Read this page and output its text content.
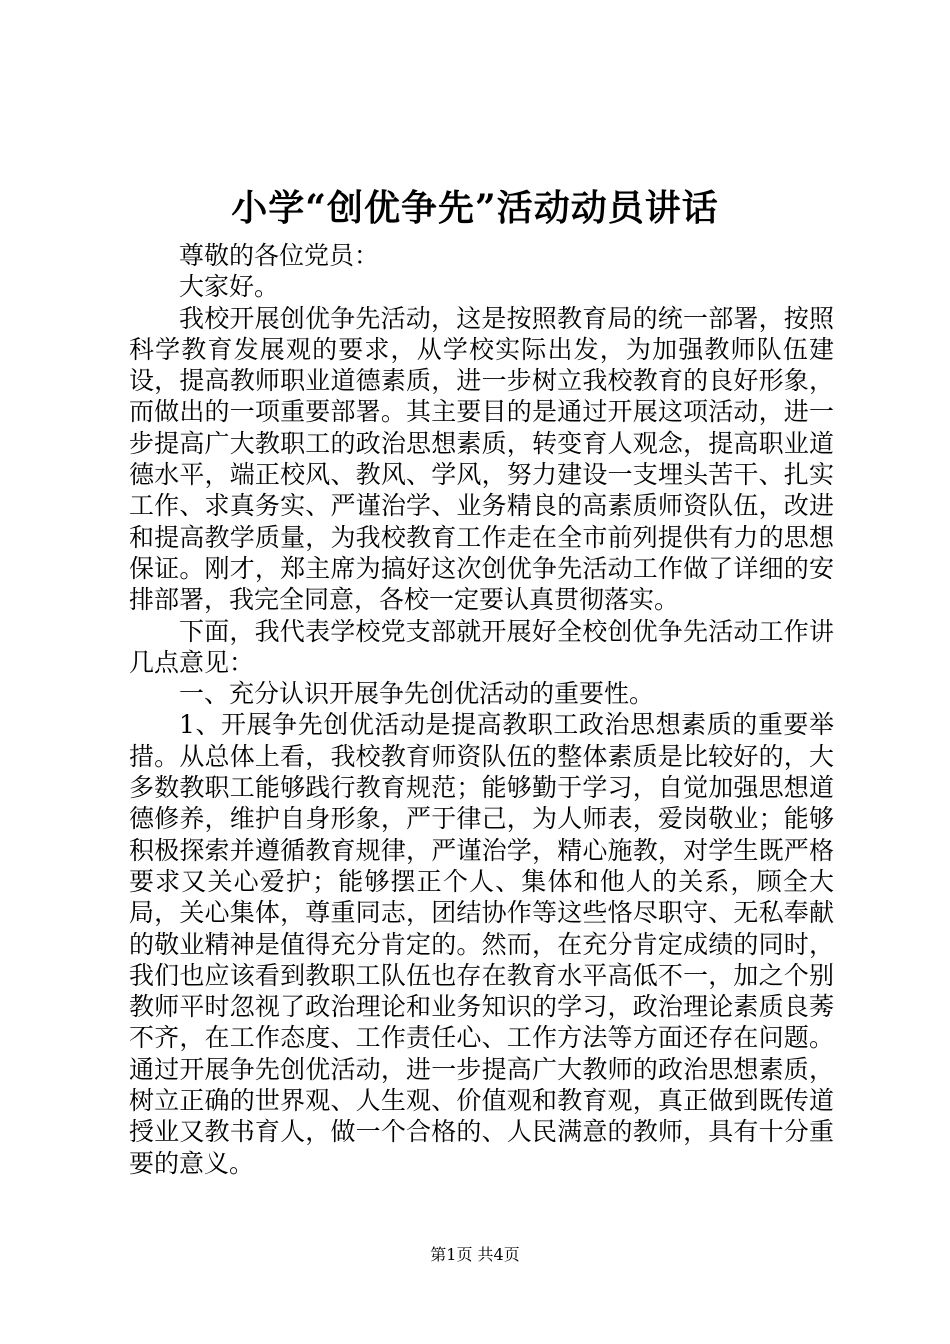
小学“创优争先”活动动员讲话

尊敬的各位党员：

大家好。

我校开展创优争先活动，这是按照教育局的统一部署，按照科学教育发展观的要求，从学校实际出发，为加强教师队伍建设，提高教师职业道德素质，进一步树立我校教育的良好形象，而做出的一项重要部署。其主要目的是通过开展这项活动，进一步提高广大教职工的政治思想素质，转变育人观念，提高职业道德水平，端正校风、教风、学风，努力建设一支埋头苦干、扎实工作、求真务实、严谨治学、业务精良的高素质师资队伍，改进和提高教学质量，为我校教育工作走在全市前列提供有力的思想保证。刚才，郑主席为搞好这次创优争先活动工作做了详细的安排部署，我完全同意，各校一定要认真贯彻落实。

下面，我代表学校党支部就开展好全校创优争先活动工作讲几点意见：

一、充分认识开展争先创优活动的重要性。

1、开展争先创优活动是提高教职工政治思想素质的重要举措。从总体上看，我校教育师资队伍的整体素质是比较好的，大多数教职工能够践行教育规范；能够勤于学习，自觉加强思想道德修养，维护自身形象，严于律己，为人师表，爱岗敬业；能够积极探索并遵循教育规律，严谨治学，精心施教，对学生既严格要求又关心爱护；能够摆正个人、集体和他人的关系，顾全大局，关心集体，尊重同志，团结协作等这些恪尽职守、无私奉献的敬业精神是值得充分肯定的。然而，在充分肯定成绩的同时，我们也应该看到教职工队伍也存在教育水平高低不一，加之个别教师平时忽视了政治理论和业务知识的学习，政治理论素质良莠不齐，在工作态度、工作责任心、工作方法等方面还存在问题。通过开展争先创优活动，进一步提高广大教师的政治思想素质，树立正确的世界观、人生观、价值观和教育观，真正做到既传道授业又教书育人，做一个合格的、人民满意的教师，具有十分重要的意义。

第1页 共4页
